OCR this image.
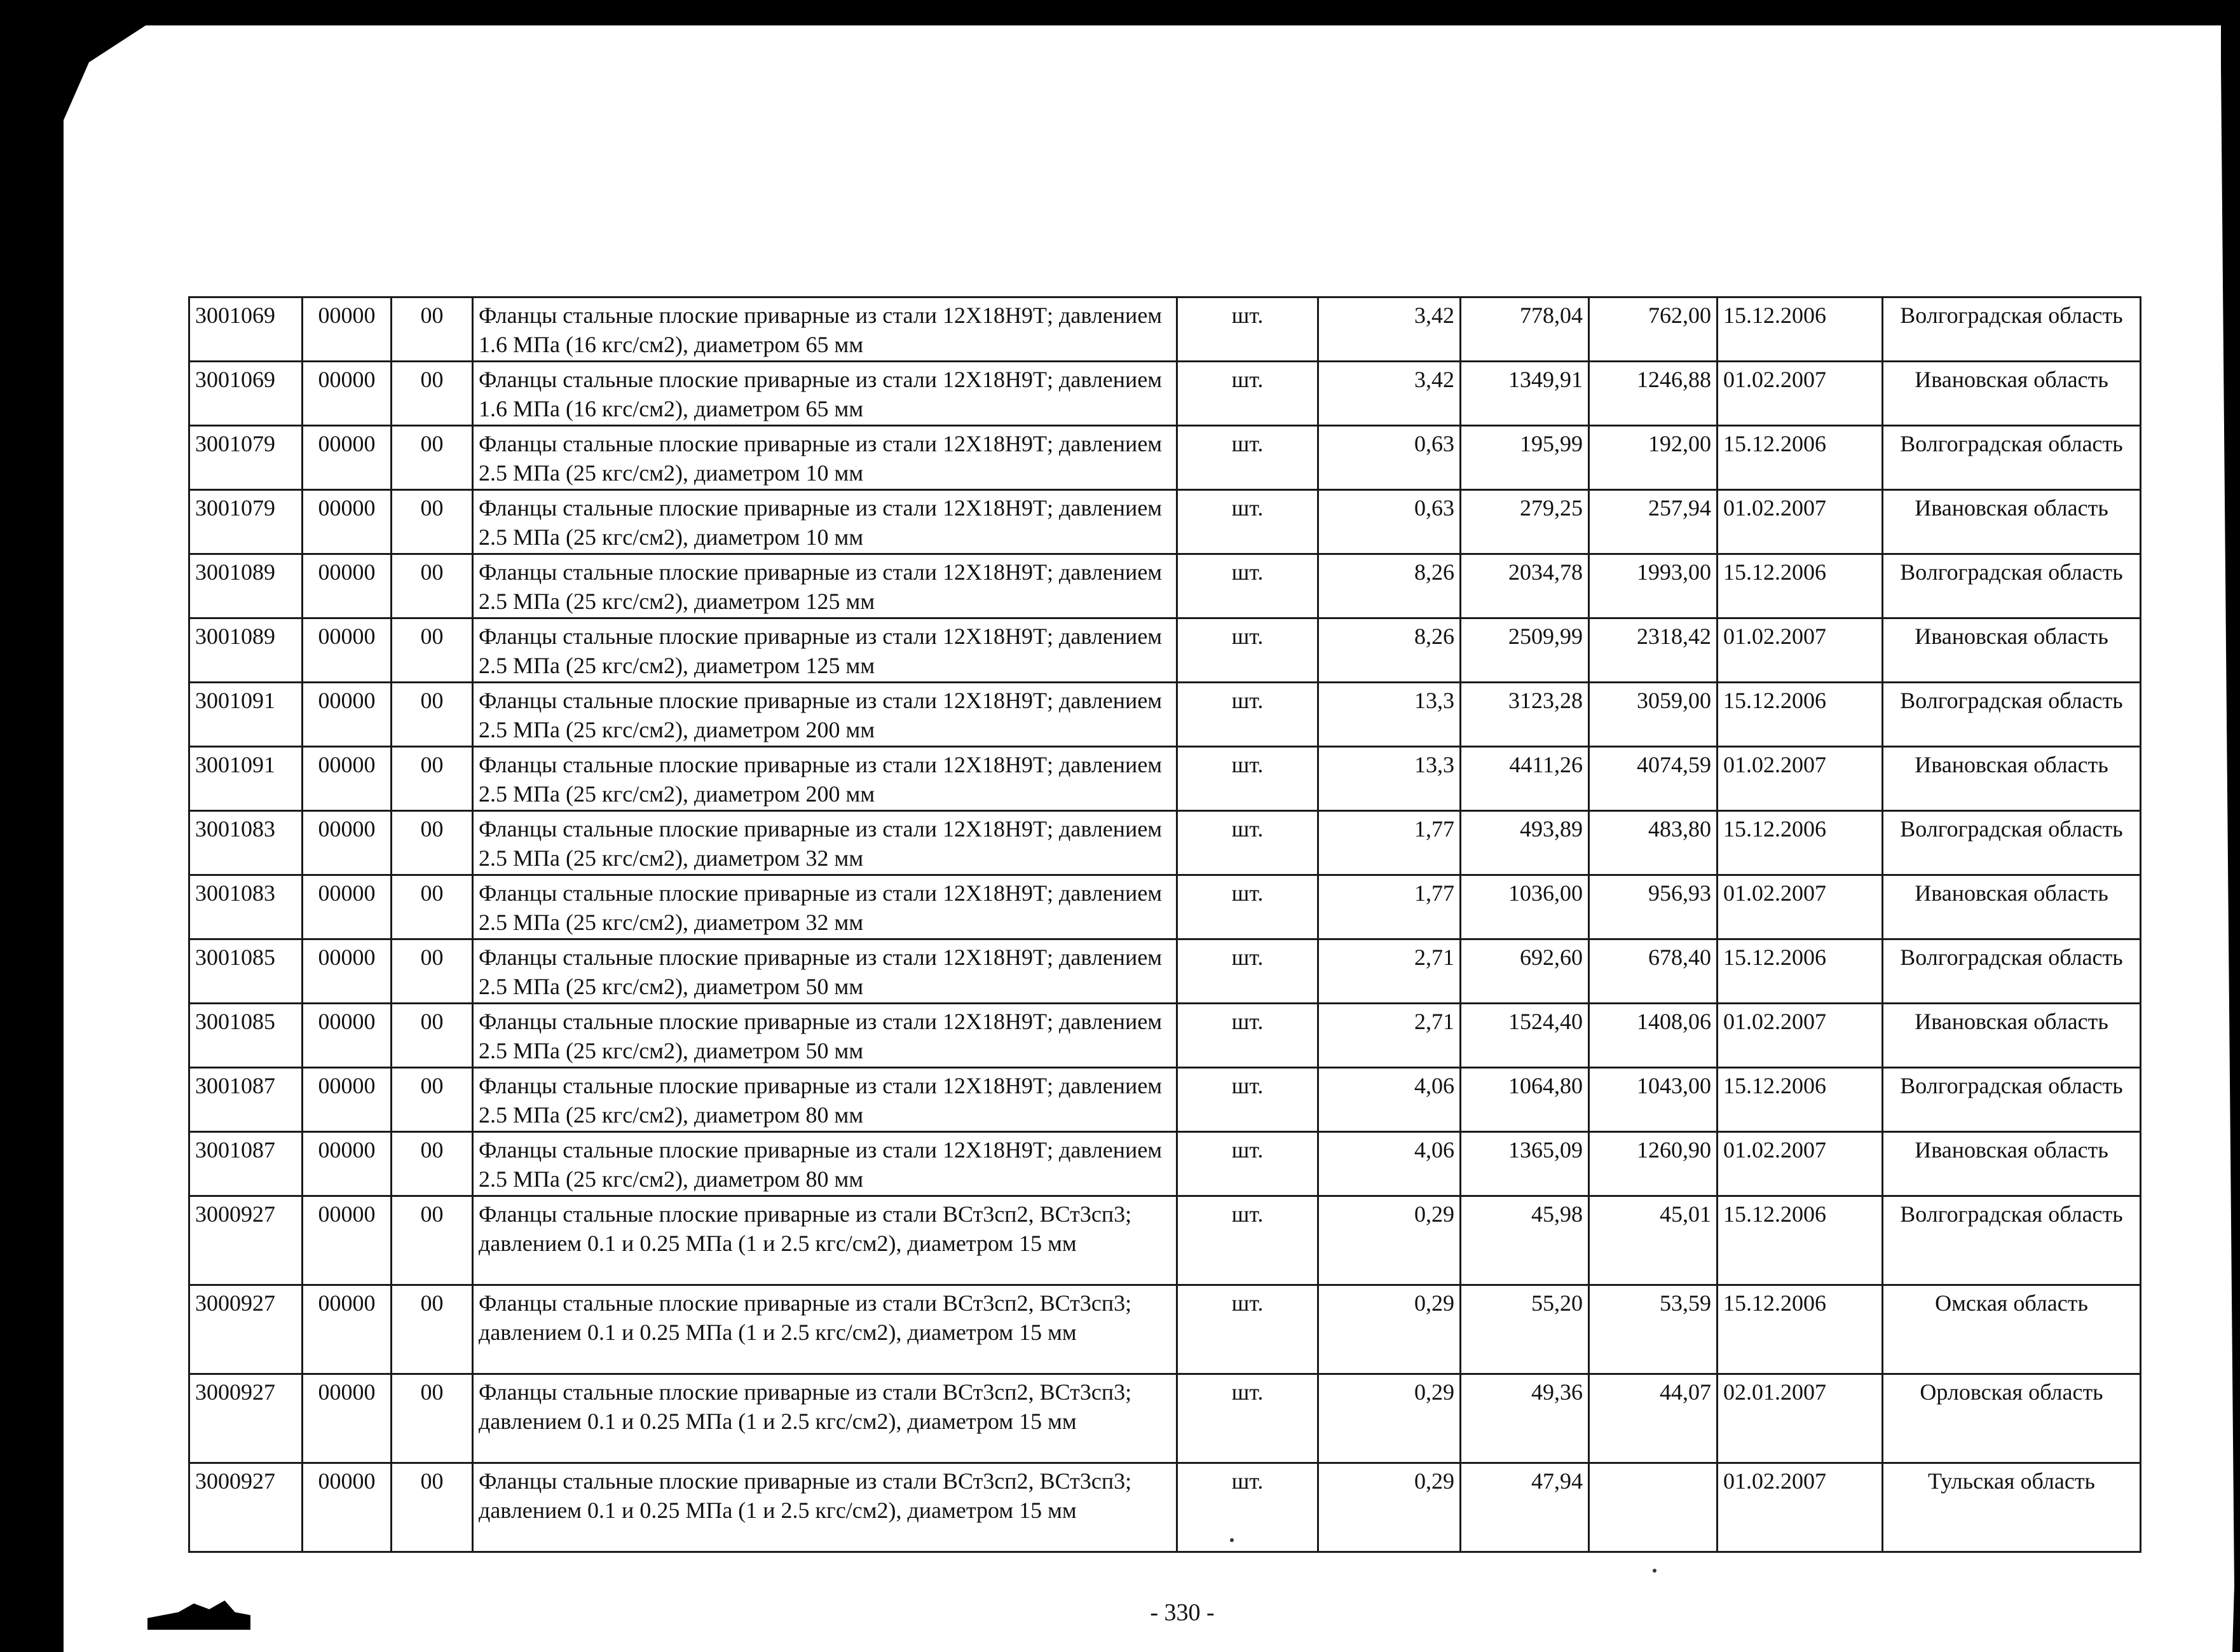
3001069	00000	00	Фланцы стальные плоские приварные из стали 12Х18Н9Т; давлением 1.6 МПа (16 кгс/см2), диаметром 65 мм	шт.	3,42	778,04	762,00	15.12.2006	Волгоградская область
3001069	00000	00	Фланцы стальные плоские приварные из стали 12Х18Н9Т; давлением 1.6 МПа (16 кгс/см2), диаметром 65 мм	шт.	3,42	1349,91	1246,88	01.02.2007	Ивановская область
3001079	00000	00	Фланцы стальные плоские приварные из стали 12Х18Н9Т; давлением 2.5 МПа (25 кгс/см2), диаметром 10 мм	шт.	0,63	195,99	192,00	15.12.2006	Волгоградская область
3001079	00000	00	Фланцы стальные плоские приварные из стали 12Х18Н9Т; давлением 2.5 МПа (25 кгс/см2), диаметром 10 мм	шт.	0,63	279,25	257,94	01.02.2007	Ивановская область
3001089	00000	00	Фланцы стальные плоские приварные из стали 12Х18Н9Т; давлением 2.5 МПа (25 кгс/см2), диаметром 125 мм	шт.	8,26	2034,78	1993,00	15.12.2006	Волгоградская область
3001089	00000	00	Фланцы стальные плоские приварные из стали 12Х18Н9Т; давлением 2.5 МПа (25 кгс/см2), диаметром 125 мм	шт.	8,26	2509,99	2318,42	01.02.2007	Ивановская область
3001091	00000	00	Фланцы стальные плоские приварные из стали 12Х18Н9Т; давлением 2.5 МПа (25 кгс/см2), диаметром 200 мм	шт.	13,3	3123,28	3059,00	15.12.2006	Волгоградская область
3001091	00000	00	Фланцы стальные плоские приварные из стали 12Х18Н9Т; давлением 2.5 МПа (25 кгс/см2), диаметром 200 мм	шт.	13,3	4411,26	4074,59	01.02.2007	Ивановская область
3001083	00000	00	Фланцы стальные плоские приварные из стали 12Х18Н9Т; давлением 2.5 МПа (25 кгс/см2), диаметром 32 мм	шт.	1,77	493,89	483,80	15.12.2006	Волгоградская область
3001083	00000	00	Фланцы стальные плоские приварные из стали 12Х18Н9Т; давлением 2.5 МПа (25 кгс/см2), диаметром 32 мм	шт.	1,77	1036,00	956,93	01.02.2007	Ивановская область
3001085	00000	00	Фланцы стальные плоские приварные из стали 12Х18Н9Т; давлением 2.5 МПа (25 кгс/см2), диаметром 50 мм	шт.	2,71	692,60	678,40	15.12.2006	Волгоградская область
3001085	00000	00	Фланцы стальные плоские приварные из стали 12Х18Н9Т; давлением 2.5 МПа (25 кгс/см2), диаметром 50 мм	шт.	2,71	1524,40	1408,06	01.02.2007	Ивановская область
3001087	00000	00	Фланцы стальные плоские приварные из стали 12Х18Н9Т; давлением 2.5 МПа (25 кгс/см2), диаметром 80 мм	шт.	4,06	1064,80	1043,00	15.12.2006	Волгоградская область
3001087	00000	00	Фланцы стальные плоские приварные из стали 12Х18Н9Т; давлением 2.5 МПа (25 кгс/см2), диаметром 80 мм	шт.	4,06	1365,09	1260,90	01.02.2007	Ивановская область
3000927	00000	00	Фланцы стальные плоские приварные из стали ВСт3сп2, ВСт3сп3; давлением 0.1 и 0.25 МПа (1 и 2.5 кгс/см2), диаметром 15 мм	шт.	0,29	45,98	45,01	15.12.2006	Волгоградская область
3000927	00000	00	Фланцы стальные плоские приварные из стали ВСт3сп2, ВСт3сп3; давлением 0.1 и 0.25 МПа (1 и 2.5 кгс/см2), диаметром 15 мм	шт.	0,29	55,20	53,59	15.12.2006	Омская область
3000927	00000	00	Фланцы стальные плоские приварные из стали ВСт3сп2, ВСт3сп3; давлением 0.1 и 0.25 МПа (1 и 2.5 кгс/см2), диаметром 15 мм	шт.	0,29	49,36	44,07	02.01.2007	Орловская область
3000927	00000	00	Фланцы стальные плоские приварные из стали ВСт3сп2, ВСт3сп3; давлением 0.1 и 0.25 МПа (1 и 2.5 кгс/см2), диаметром 15 мм	шт.	0,29	47,94		01.02.2007	Тульская область
- 330 -
